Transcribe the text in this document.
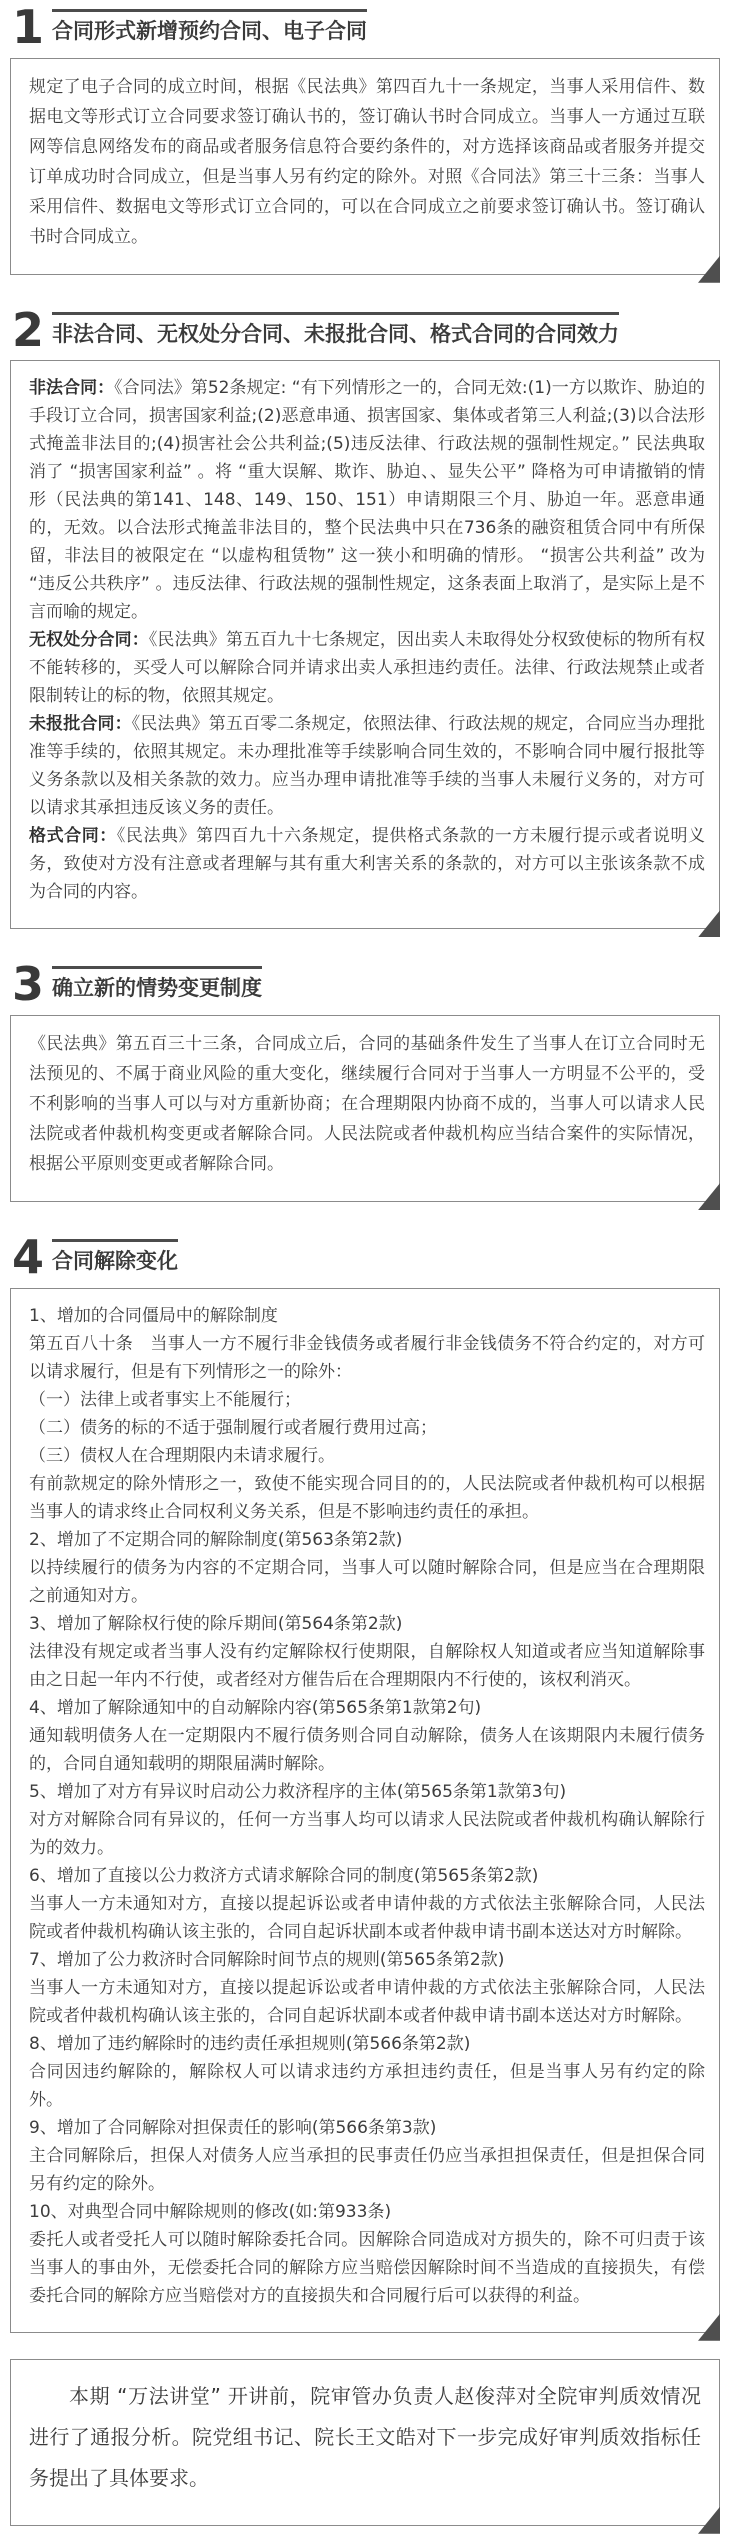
1 合同形式新增预约合同、电子合同

规定了电子合同的成立时间，根据《民法典》第四百九十一条规定，当事人采用信件、数据电文等形式订立合同要求签订确认书的，签订确认书时合同成立。当事人一方通过互联网等信息网络发布的商品或者服务信息符合要约条件的，对方选择该商品或者服务并提交订单成功时合同成立，但是当事人另有约定的除外。对照《合同法》第三十三条：当事人采用信件、数据电文等形式订立合同的，可以在合同成立之前要求签订确认书。签订确认书时合同成立。

2 非法合同、无权处分合同、未报批合同、格式合同的合同效力

非法合同：《合同法》第52条规定: “有下列情形之一的，合同无效:(1)一方以欺诈、胁迫的手段订立合同，损害国家利益;(2)恶意串通、损害国家、集体或者第三人利益;(3)以合法形式掩盖非法目的;(4)损害社会公共利益;(5)违反法律、行政法规的强制性规定。” 民法典取消了 “损害国家利益” 。将 “重大误解、欺诈、胁迫、、显失公平” 降格为可申请撤销的情形（民法典的第141、148、149、150、151）申请期限三个月、胁迫一年。恶意串通的，无效。以合法形式掩盖非法目的，整个民法典中只在736条的融资租赁合同中有所保留，非法目的被限定在 “以虚构租赁物” 这一狭小和明确的情形。 “损害公共利益” 改为 “违反公共秩序” 。违反法律、行政法规的强制性规定，这条表面上取消了，是实际上是不言而喻的规定。

无权处分合同：《民法典》第五百九十七条规定，因出卖人未取得处分权致使标的物所有权不能转移的，买受人可以解除合同并请求出卖人承担违约责任。法律、行政法规禁止或者限制转让的标的物，依照其规定。

未报批合同：《民法典》第五百零二条规定，依照法律、行政法规的规定，合同应当办理批准等手续的，依照其规定。未办理批准等手续影响合同生效的，不影响合同中履行报批等义务条款以及相关条款的效力。应当办理申请批准等手续的当事人未履行义务的，对方可以请求其承担违反该义务的责任。

格式合同：《民法典》第四百九十六条规定，提供格式条款的一方未履行提示或者说明义务，致使对方没有注意或者理解与其有重大利害关系的条款的，对方可以主张该条款不成为合同的内容。

3 确立新的情势变更制度

《民法典》第五百三十三条，合同成立后，合同的基础条件发生了当事人在订立合同时无法预见的、不属于商业风险的重大变化，继续履行合同对于当事人一方明显不公平的，受不利影响的当事人可以与对方重新协商；在合理期限内协商不成的，当事人可以请求人民法院或者仲裁机构变更或者解除合同。人民法院或者仲裁机构应当结合案件的实际情况，根据公平原则变更或者解除合同。

4 合同解除变化

1、增加的合同僵局中的解除制度

第五百八十条　当事人一方不履行非金钱债务或者履行非金钱债务不符合约定的，对方可以请求履行，但是有下列情形之一的除外：

（一）法律上或者事实上不能履行；

（二）债务的标的不适于强制履行或者履行费用过高；

（三）债权人在合理期限内未请求履行。

有前款规定的除外情形之一，致使不能实现合同目的的，人民法院或者仲裁机构可以根据当事人的请求终止合同权利义务关系，但是不影响违约责任的承担。

2、增加了不定期合同的解除制度(第563条第2款)

以持续履行的债务为内容的不定期合同，当事人可以随时解除合同，但是应当在合理期限之前通知对方。

3、增加了解除权行使的除斥期间(第564条第2款)

法律没有规定或者当事人没有约定解除权行使期限，自解除权人知道或者应当知道解除事由之日起一年内不行使，或者经对方催告后在合理期限内不行使的，该权利消灭。

4、增加了解除通知中的自动解除内容(第565条第1款第2句)

通知载明债务人在一定期限内不履行债务则合同自动解除，债务人在该期限内未履行债务的，合同自通知载明的期限届满时解除。

5、增加了对方有异议时启动公力救济程序的主体(第565条第1款第3句)

对方对解除合同有异议的，任何一方当事人均可以请求人民法院或者仲裁机构确认解除行为的效力。

6、增加了直接以公力救济方式请求解除合同的制度(第565条第2款)

当事人一方未通知对方，直接以提起诉讼或者申请仲裁的方式依法主张解除合同，人民法院或者仲裁机构确认该主张的，合同自起诉状副本或者仲裁申请书副本送达对方时解除。

7、增加了公力救济时合同解除时间节点的规则(第565条第2款)

当事人一方未通知对方，直接以提起诉讼或者申请仲裁的方式依法主张解除合同，人民法院或者仲裁机构确认该主张的，合同自起诉状副本或者仲裁申请书副本送达对方时解除。

8、增加了违约解除时的违约责任承担规则(第566条第2款)

合同因违约解除的，解除权人可以请求违约方承担违约责任，但是当事人另有约定的除外。

9、增加了合同解除对担保责任的影响(第566条第3款)

主合同解除后，担保人对债务人应当承担的民事责任仍应当承担担保责任，但是担保合同另有约定的除外。

10、对典型合同中解除规则的修改(如:第933条)

委托人或者受托人可以随时解除委托合同。因解除合同造成对方损失的，除不可归责于该当事人的事由外，无偿委托合同的解除方应当赔偿因解除时间不当造成的直接损失，有偿委托合同的解除方应当赔偿对方的直接损失和合同履行后可以获得的利益。

本期 “万法讲堂” 开讲前，院审管办负责人赵俊萍对全院审判质效情况进行了通报分析。院党组书记、院长王文皓对下一步完成好审判质效指标任务提出了具体要求。
